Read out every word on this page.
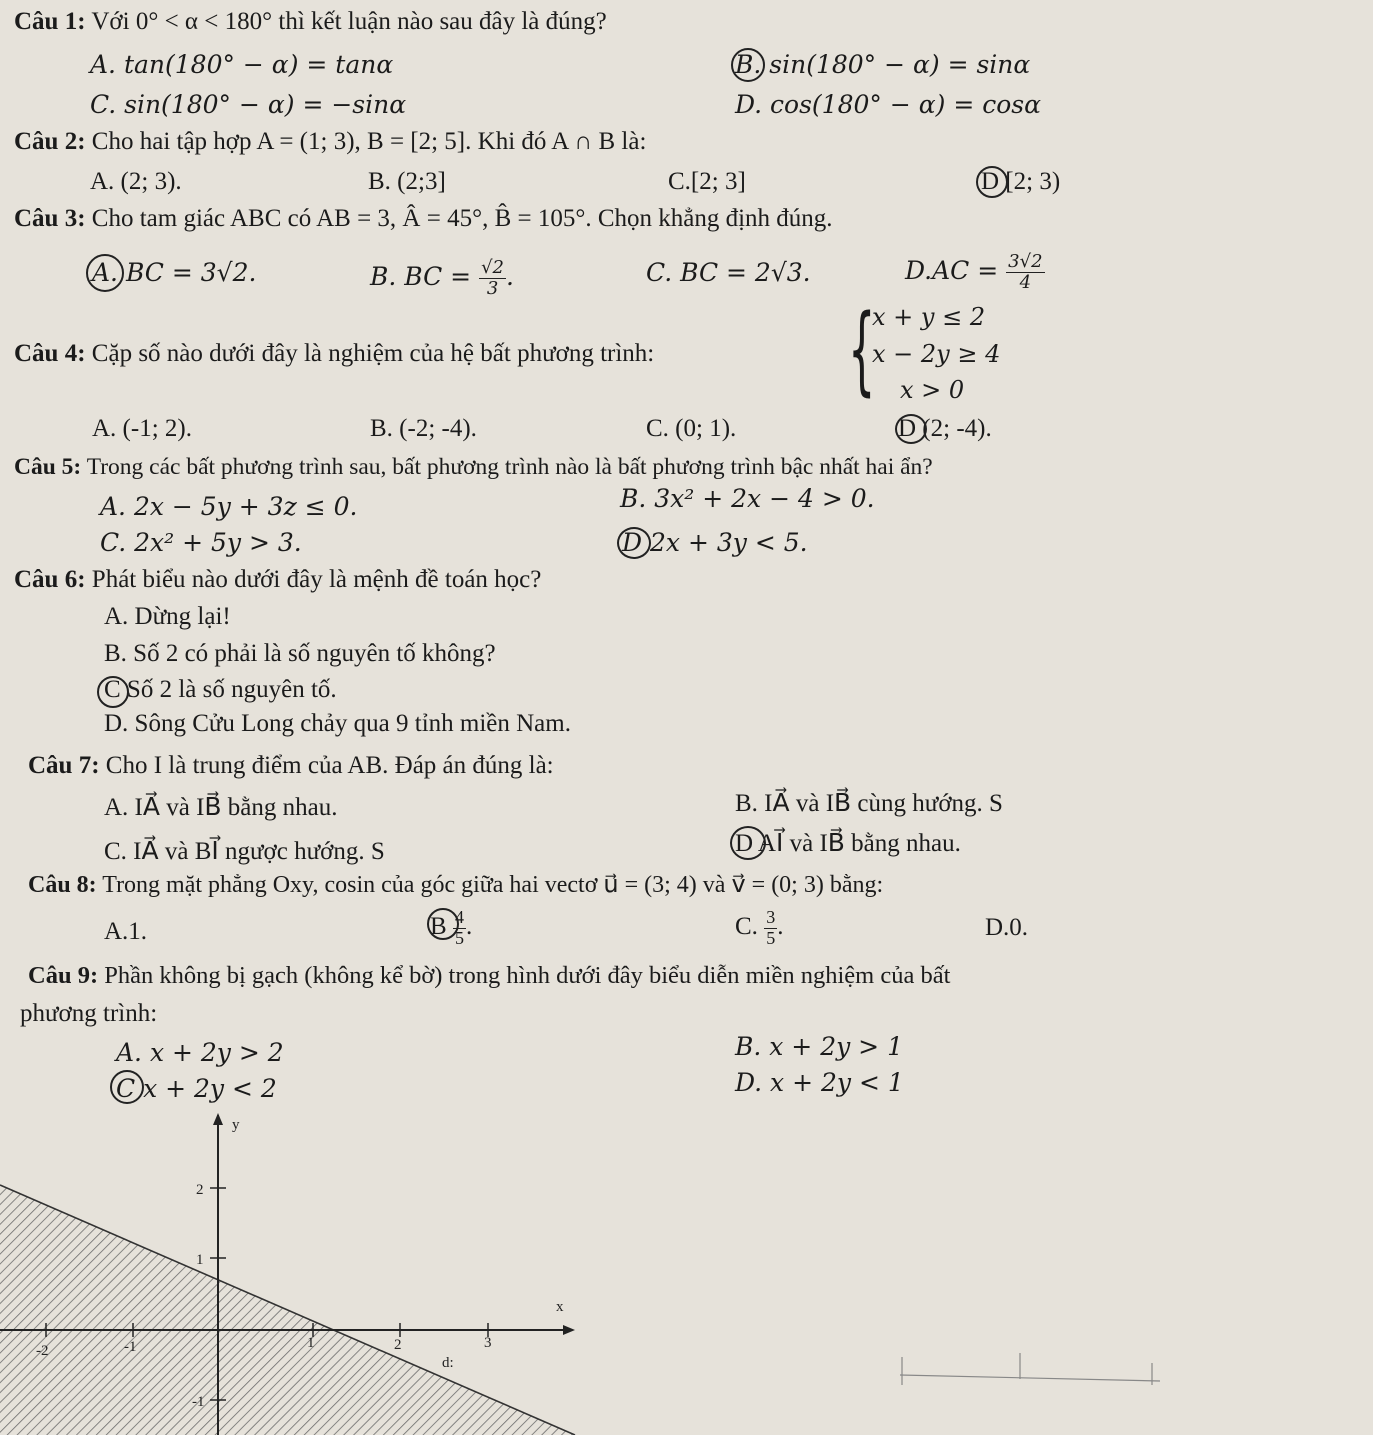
Câu 1: Với 0° < α < 180° thì kết luận nào sau đây là đúng?
A. tan(180° − α) = tanα	B. sin(180° − α) = sinα
C. sin(180° − α) = −sinα	D. cos(180° − α) = cosα
Câu 2: Cho hai tập hợp A = (1; 3), B = [2; 5]. Khi đó A ∩ B là:
A. (2; 3).	B. (2;3]	C.[2; 3]	D [2; 3)
Câu 3: Cho tam giác ABC có AB = 3, Â = 45°, B̂ = 105°. Chọn khẳng định đúng.
A. BC = 3√2.	B. BC = $\frac{√2}{3}$ .	C. BC = 2√3.	$D.AC = \frac{3√2}{4}$
Câu 4: Cặp số nào dưới đây là nghiệm của hệ bất phương trình: {
x + y ≤ 2
x − 2y ≥ 4
x > 0
A. (-1; 2).	B. (-2; -4).	C. (0; 1).	D (2; -4).
Câu 5: Trong các bất phương trình sau, bất phương trình nào là bất phương trình bậc nhất hai ẩn?
A. 2x − 5y + 3z ≤ 0.	B. 3x² + 2x − 4 > 0.
C. 2x² + 5y > 3.	D 2x + 3y < 5.
Câu 6: Phát biểu nào dưới đây là mệnh đề toán học?
A. Dừng lại!
B. Số 2 có phải là số nguyên tố không?
C Số 2 là số nguyên tố.
D. Sông Cửu Long chảy qua 9 tỉnh miền Nam.
Câu 7: Cho I là trung điểm của AB. Đáp án đúng là:
A. IA⃗ và IB⃗ bằng nhau.	B. IA⃗ và IB⃗ cùng hướng. S
C. IA⃗ và BI⃗ ngược hướng. S	D AI⃗ và IB⃗ bằng nhau.
Câu 8: Trong mặt phẳng Oxy, cosin của góc giữa hai vectơ u⃗ = (3; 4) và v⃗ = (0; 3) bằng:
A.1.	B $\frac{4}{5}$ .	C. $\frac{3}{5}$ .	D.0.
Câu 9: Phần không bị gạch (không kể bờ) trong hình dưới đây biểu diễn miền nghiệm của bất
phương trình:
A. x + 2y > 2	B. x + 2y > 1
C x + 2y < 2	D. x + 2y < 1
y
x
-2	-1	1	2	3
2
1
-1
d:
